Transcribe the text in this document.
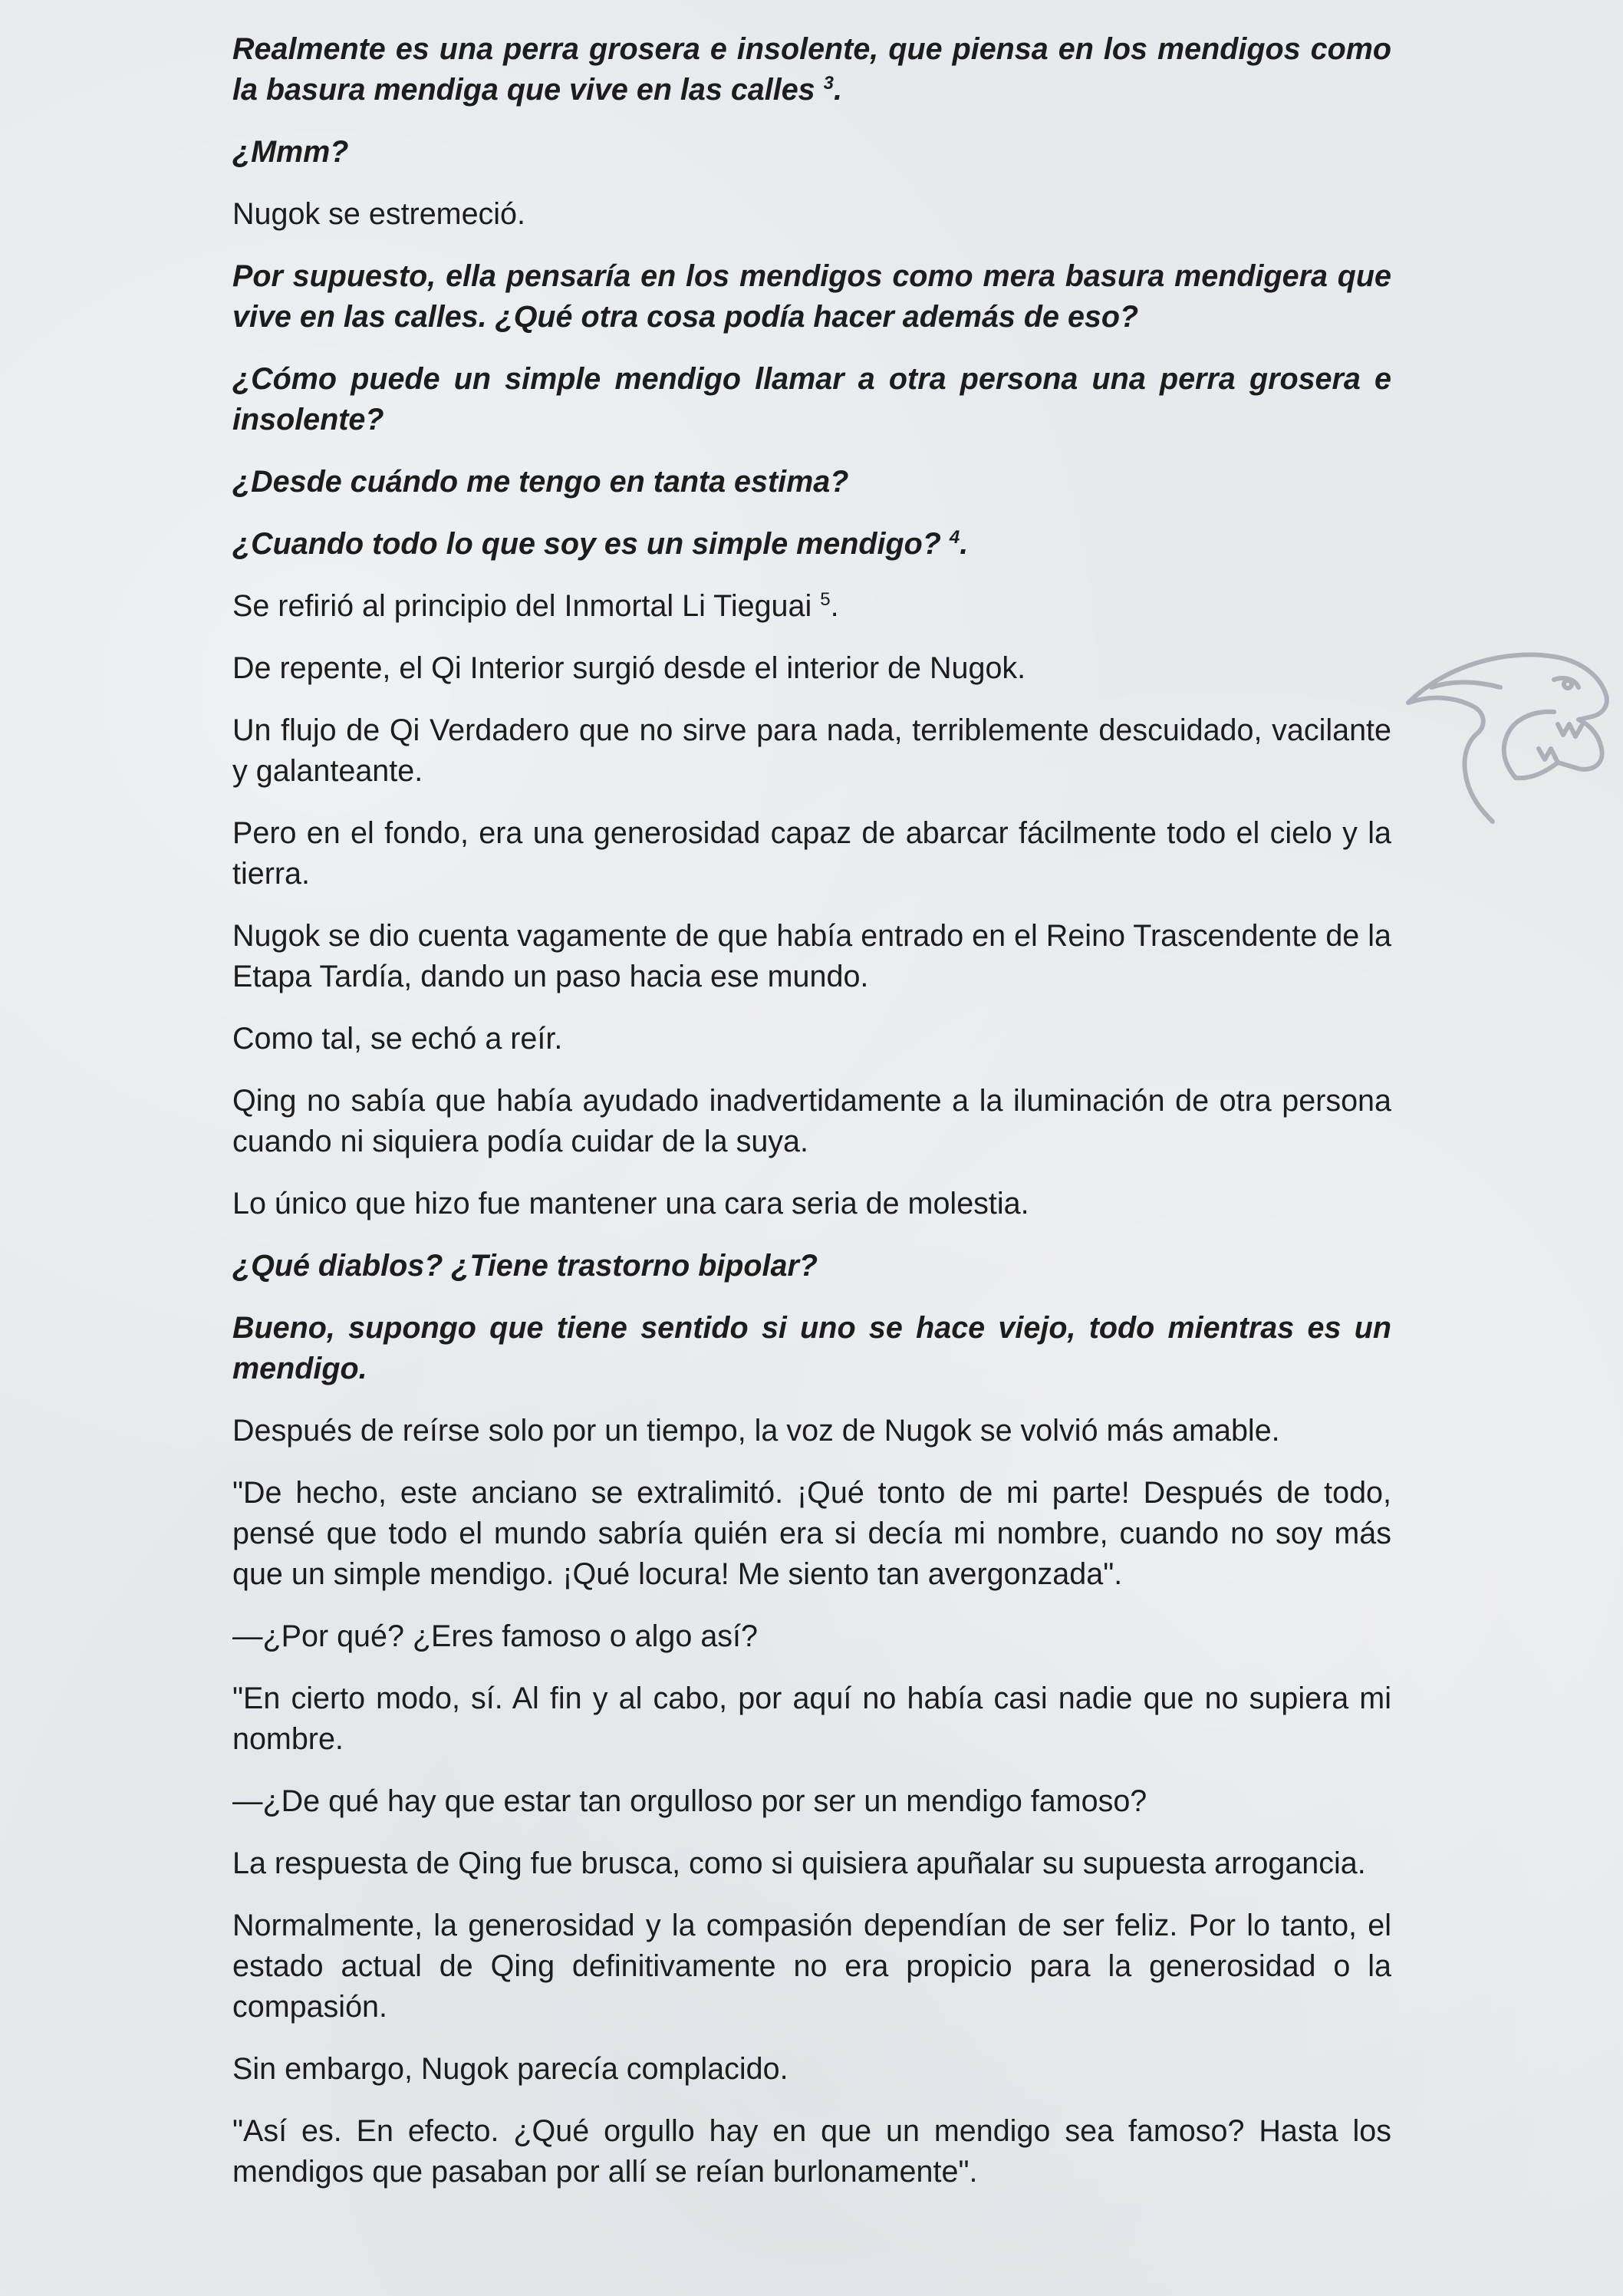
Realmente es una perra grosera e insolente, que piensa en los mendigos como la basura mendiga que vive en las calles $^3$.

¿Mmm?

Nugok se estremeció.

Por supuesto, ella pensaría en los mendigos como mera basura mendigera que vive en las calles. ¿Qué otra cosa podía hacer además de eso?

¿Cómo puede un simple mendigo llamar a otra persona una perra grosera e insolente?

¿Desde cuándo me tengo en tanta estima?

¿Cuando todo lo que soy es un simple mendigo? $^4$.

Se refirió al principio del Inmortal Li Tieguai $^5$.

De repente, el Qi Interior surgió desde el interior de Nugok.

Un flujo de Qi Verdadero que no sirve para nada, terriblemente descuidado, vacilante y galanteante.

Pero en el fondo, era una generosidad capaz de abarcar fácilmente todo el cielo y la tierra.

Nugok se dio cuenta vagamente de que había entrado en el Reino Trascendente de la Etapa Tardía, dando un paso hacia ese mundo.

Como tal, se echó a reír.

Qing no sabía que había ayudado inadvertidamente a la iluminación de otra persona cuando ni siquiera podía cuidar de la suya.

Lo único que hizo fue mantener una cara seria de molestia.

¿Qué diablos? ¿Tiene trastorno bipolar?

Bueno, supongo que tiene sentido si uno se hace viejo, todo mientras es un mendigo.

Después de reírse solo por un tiempo, la voz de Nugok se volvió más amable.

"De hecho, este anciano se extralimitó. ¡Qué tonto de mi parte! Después de todo, pensé que todo el mundo sabría quién era si decía mi nombre, cuando no soy más que un simple mendigo. ¡Qué locura! Me siento tan avergonzada".

—¿Por qué? ¿Eres famoso o algo así?

"En cierto modo, sí. Al fin y al cabo, por aquí no había casi nadie que no supiera mi nombre.

—¿De qué hay que estar tan orgulloso por ser un mendigo famoso?

La respuesta de Qing fue brusca, como si quisiera apuñalar su supuesta arrogancia.

Normalmente, la generosidad y la compasión dependían de ser feliz. Por lo tanto, el estado actual de Qing definitivamente no era propicio para la generosidad o la compasión.

Sin embargo, Nugok parecía complacido.

"Así es. En efecto. ¿Qué orgullo hay en que un mendigo sea famoso? Hasta los mendigos que pasaban por allí se reían burlonamente".
